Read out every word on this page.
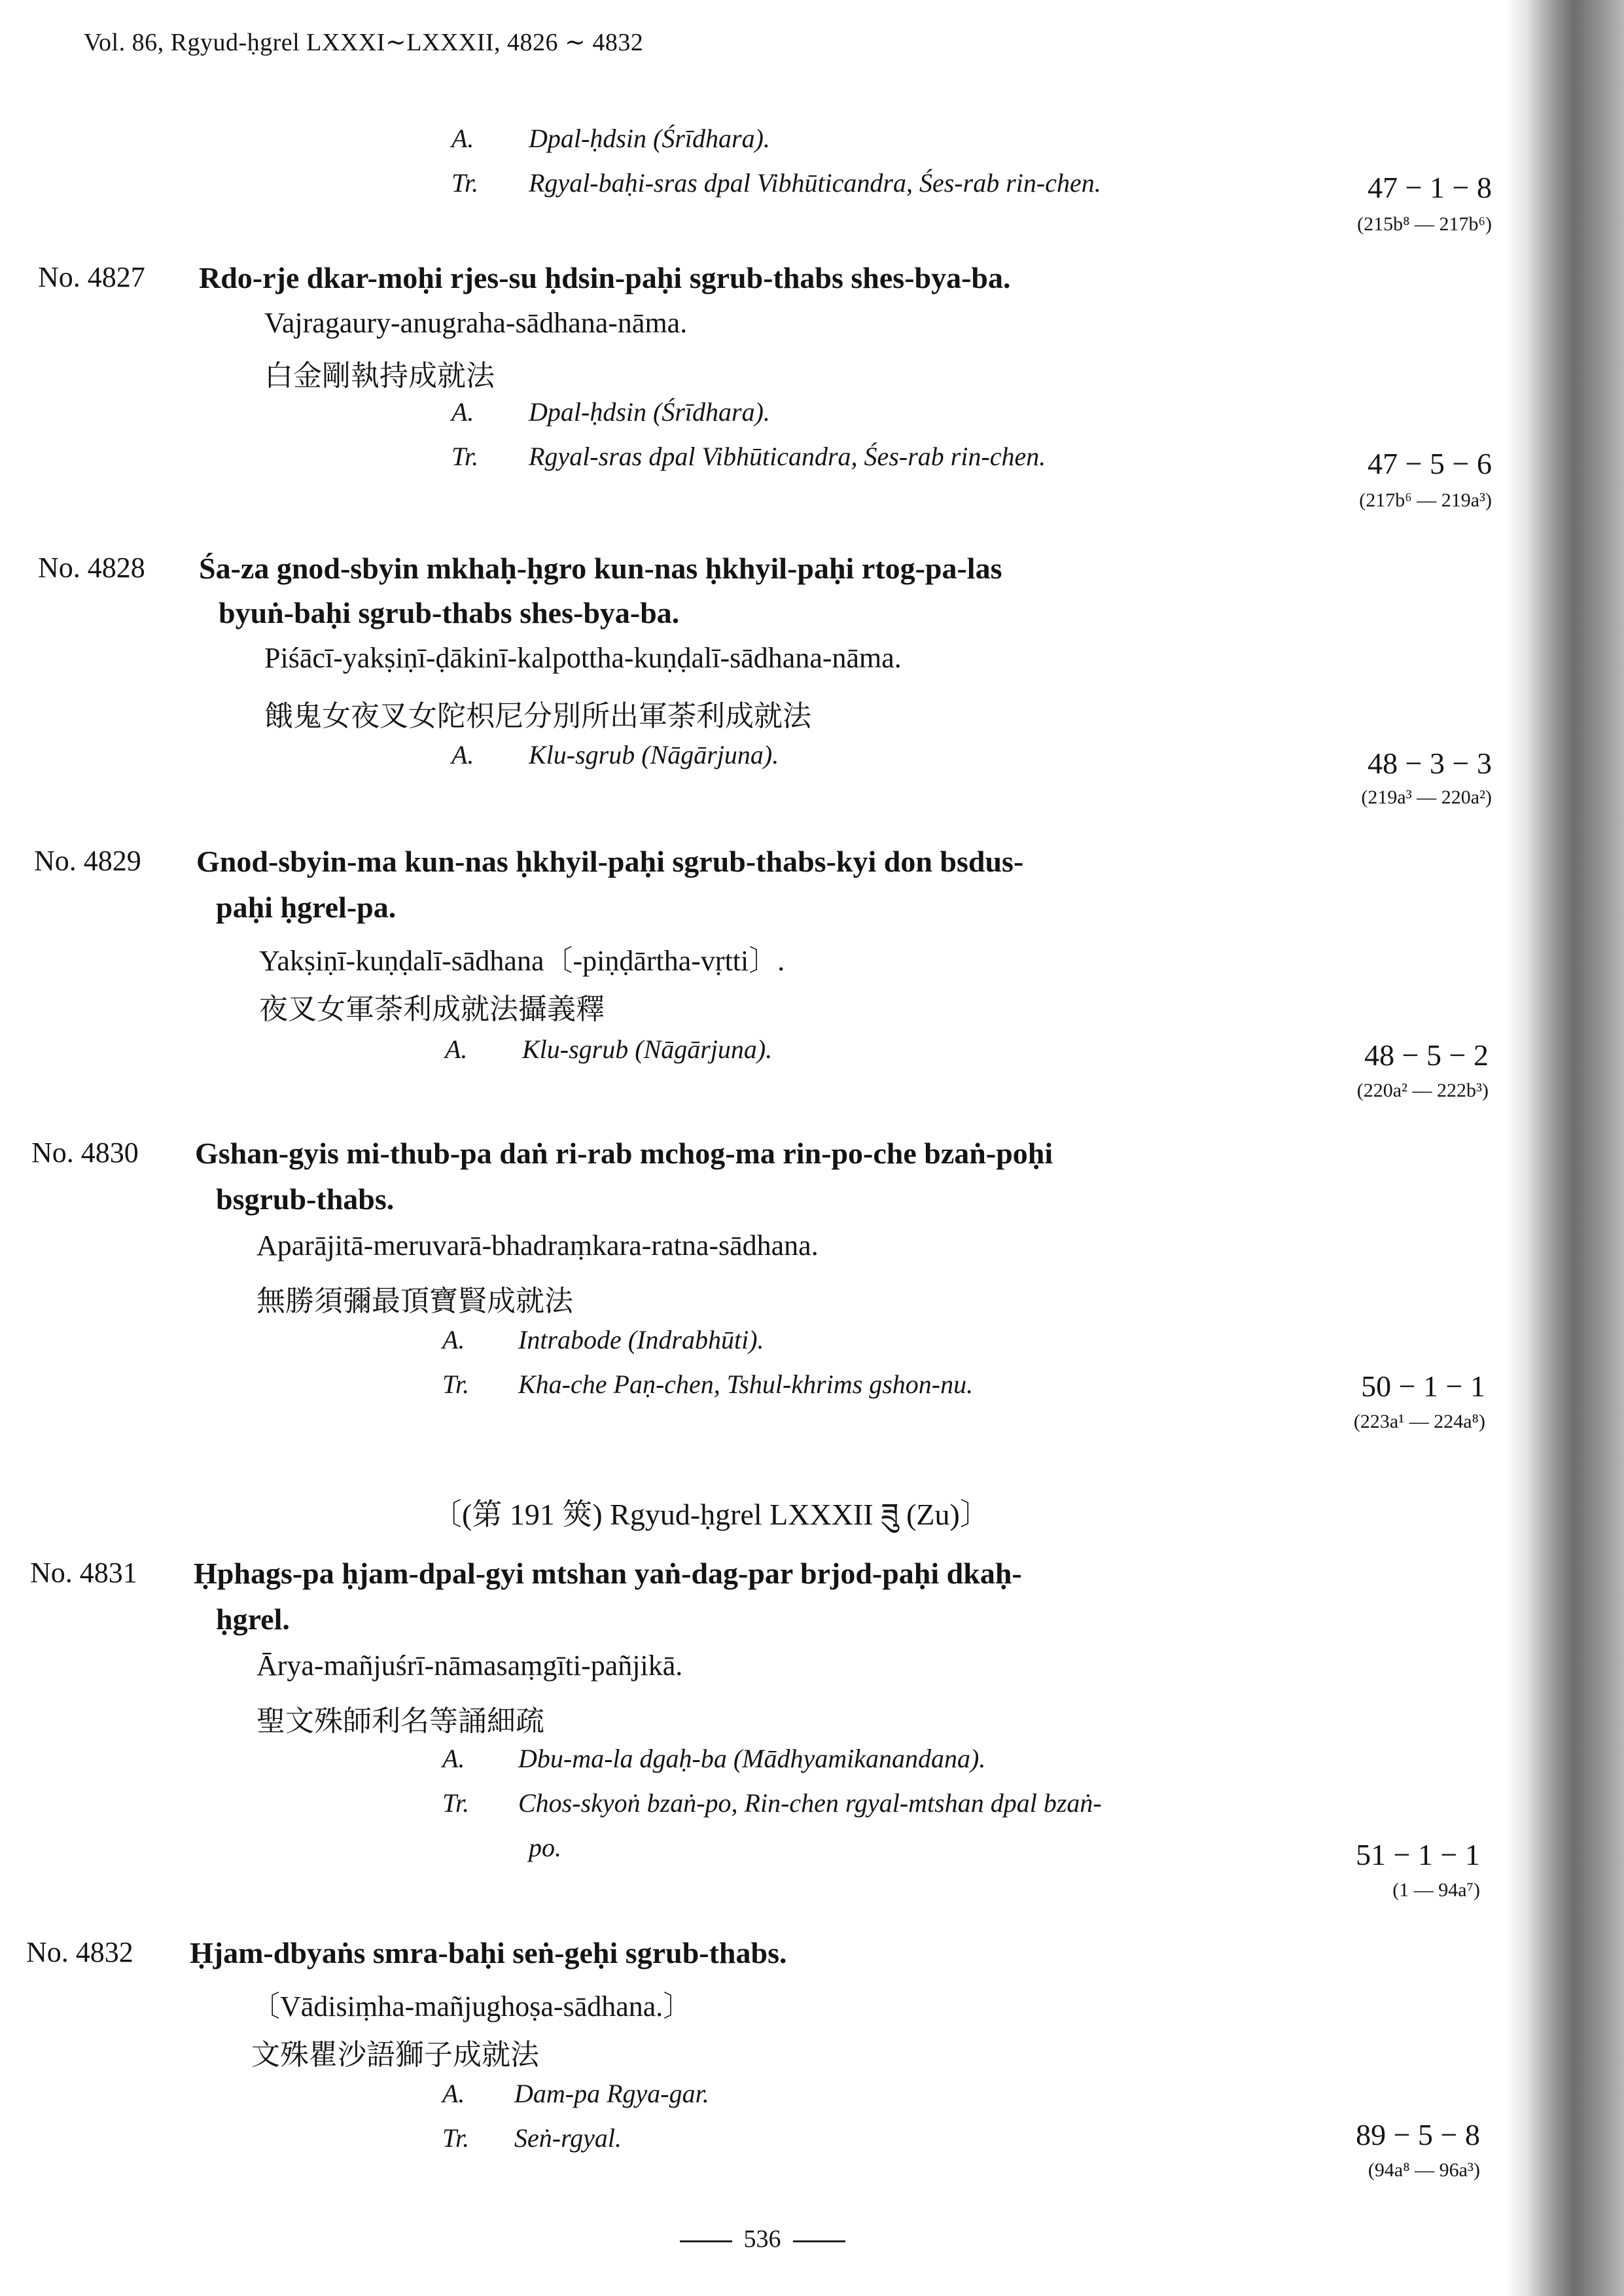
Vol. 86, Rgyud-ḥgrel LXXXI∼LXXXII, 4826 ∼ 4832
A.	Dpal-ḥdsin (Śrīdhara).
Tr.	Rgyal-baḥi-sras dpal Vibhūticandra, Śes-rab rin-chen.	47 − 1 − 8
(215b⁸ — 217b⁶)
No. 4827 Rdo-rje dkar-moḥi rjes-su ḥdsin-paḥi sgrub-thabs shes-bya-ba.
Vajragaury-anugraha-sādhana-nāma.
白金剛執持成就法
A.	Dpal-ḥdsin (Śrīdhara).
Tr.	Rgyal-sras dpal Vibhūticandra, Śes-rab rin-chen.	47 − 5 − 6
(217b⁶ — 219a³)
No. 4828 Śa-za gnod-sbyin mkhaḥ-ḥgro kun-nas ḥkhyil-paḥi rtog-pa-las
byuṅ-baḥi sgrub-thabs shes-bya-ba.
Piśācī-yakṣiṇī-ḍākinī-kalpottha-kuṇḍalī-sādhana-nāma.
餓鬼女夜叉女陀枳尼分別所出軍荼利成就法
A.	Klu-sgrub (Nāgārjuna).	48 − 3 − 3
(219a³ — 220a²)
No. 4829 Gnod-sbyin-ma kun-nas ḥkhyil-paḥi sgrub-thabs-kyi don bsdus-
paḥi ḥgrel-pa.
Yakṣiṇī-kuṇḍalī-sādhana〔-piṇḍārtha-vṛtti〕.
夜叉女軍荼利成就法攝義釋
A.	Klu-sgrub (Nāgārjuna).	48 − 5 − 2
(220a² — 222b³)
No. 4830 Gshan-gyis mi-thub-pa daṅ ri-rab mchog-ma rin-po-che bzaṅ-poḥi
bsgrub-thabs.
Aparājitā-meruvarā-bhadraṃkara-ratna-sādhana.
無勝須彌最頂寶賢成就法
A.	Intrabode (Indrabhūti).
Tr.	Kha-che Paṇ-chen, Tshul-khrims gshon-nu.	50 − 1 − 1
(223a¹ — 224a⁸)
〔(第 191 筴) Rgyud-ḥgrel LXXXII ཟུ (Zu)〕
No. 4831 Ḥphags-pa ḥjam-dpal-gyi mtshan yaṅ-dag-par brjod-paḥi dkaḥ-
ḥgrel.
Ārya-mañjuśrī-nāmasaṃgīti-pañjikā.
聖文殊師利名等誦細疏
A.	Dbu-ma-la dgaḥ-ba (Mādhyamikanandana).
Tr.	Chos-skyoṅ bzaṅ-po, Rin-chen rgyal-mtshan dpal bzaṅ-
po.	51 − 1 − 1
(1 — 94a⁷)
No. 4832 Ḥjam-dbyaṅs smra-baḥi seṅ-geḥi sgrub-thabs.
〔Vādisiṃha-mañjughoṣa-sādhana.〕
文殊瞿沙語獅子成就法
A.	Dam-pa Rgya-gar.
Tr.	Seṅ-rgyal.	89 − 5 − 8
(94a⁸ — 96a³)
536
